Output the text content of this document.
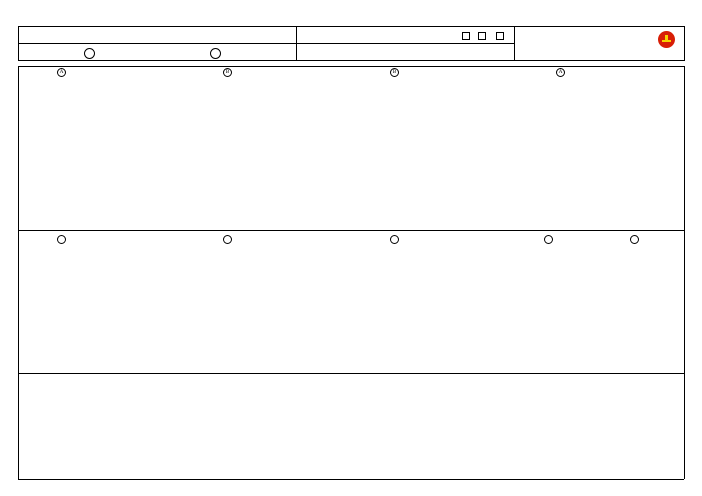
A	B	B	A
